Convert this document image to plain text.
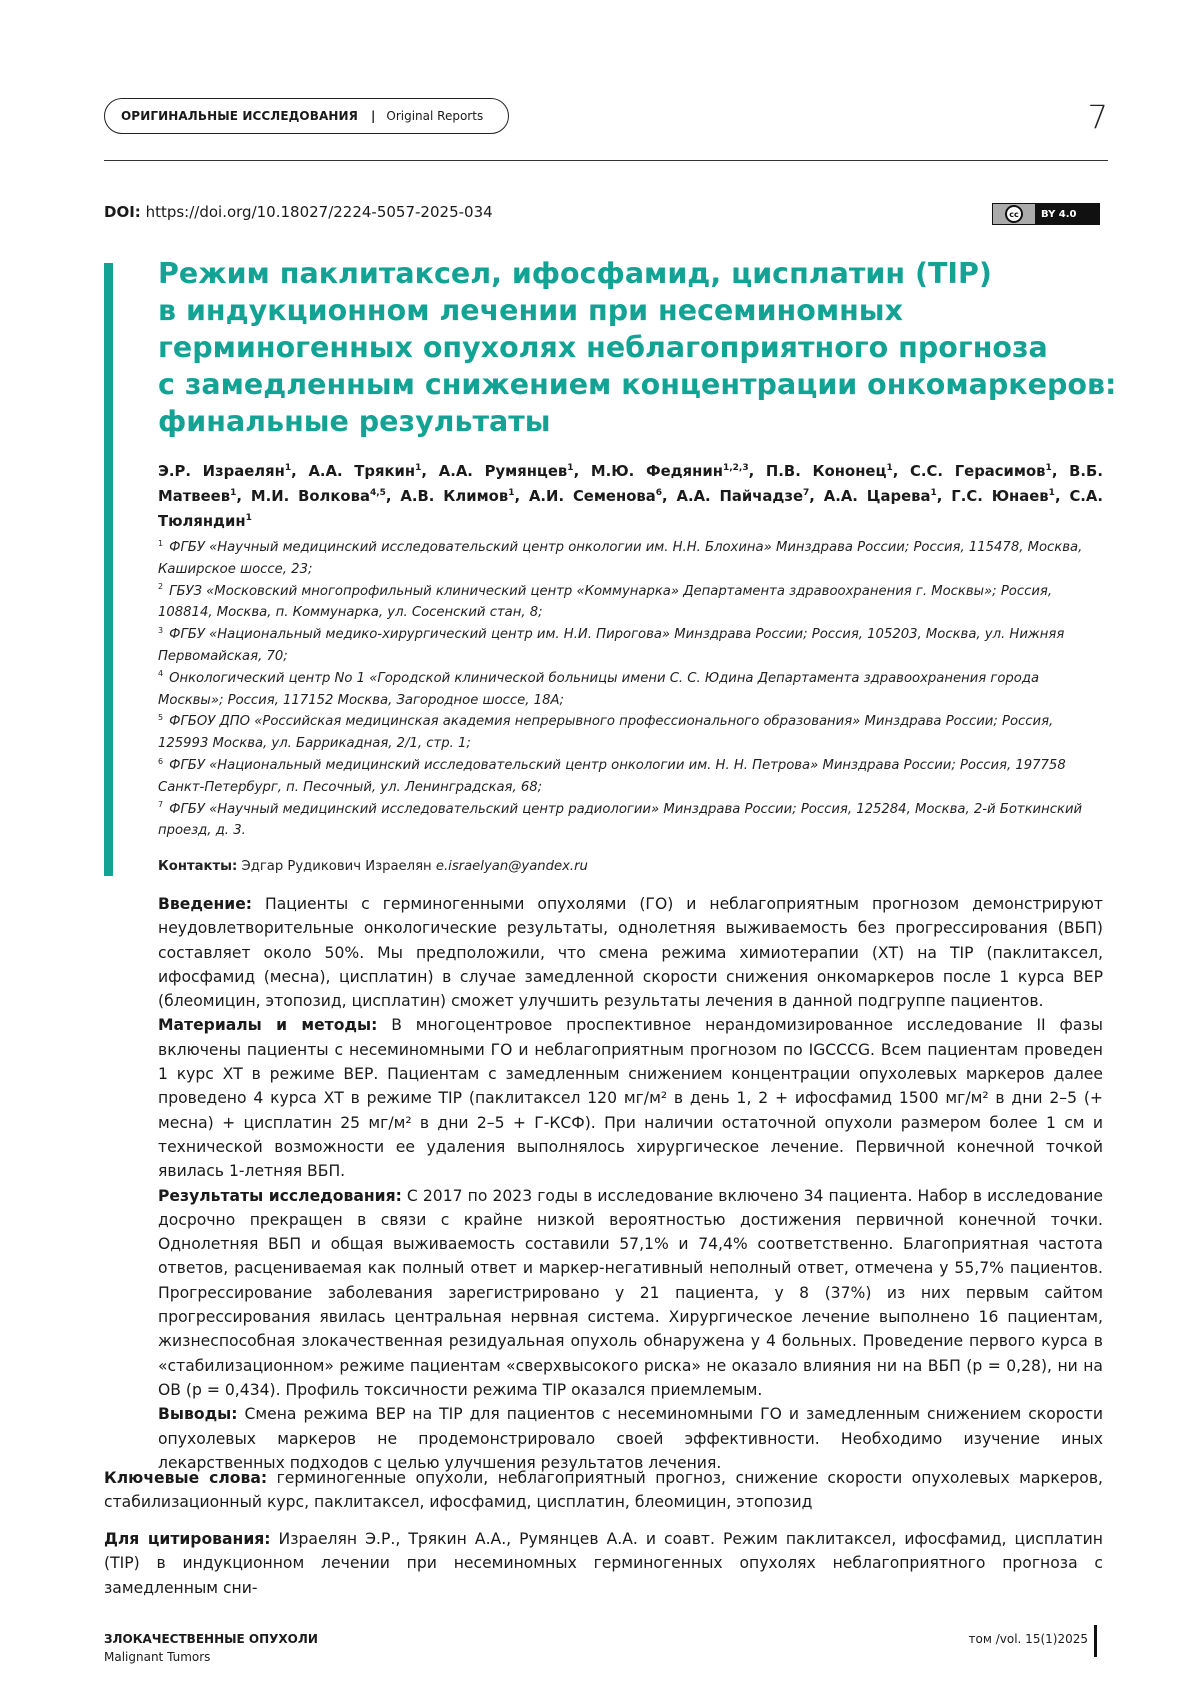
ОРИГИНАЛЬНЫЕ ИССЛЕДОВАНИЯ | Original Reports	7
DOI: https://doi.org/10.18027/2224-5057-2025-034	cc	BY 4.0
Режим паклитаксел, ифосфамид, цисплатин (TIP)
в индукционном лечении при несеминомных
герминогенных опухолях неблагоприятного прогноза
с замедленным снижением концентрации онкомаркеров:
финальные результаты
Э.Р. Израелян$^1$, А.А. Трякин$^1$, А.А. Румянцев$^1$, М.Ю. Федянин$^{1,2,3}$, П.В. Кононец$^1$, С.С. Герасимов$^1$, В.Б. Матвеев$^1$, М.И. Волкова$^{4,5}$, А.В. Климов$^1$, А.И. Семенова$^6$, А.А. Пайчадзе$^7$, А.А. Царева$^1$, Г.С. Юнаев$^1$, С.А. Тюляндин$^1$

$^1$ ФГБУ «Научный медицинский исследовательский центр онкологии им. Н.Н. Блохина» Минздрава России; Россия, 115478, Москва, Каширское шоссе, 23;

$^2$ ГБУЗ «Московский многопрофильный клинический центр «Коммунарка» Департамента здравоохранения г. Москвы»; Россия, 108814, Москва, п. Коммунарка, ул. Сосенский стан, 8;

$^3$ ФГБУ «Национальный медико-хирургический центр им. Н.И. Пирогова» Минздрава России; Россия, 105203, Москва, ул. Нижняя Первомайская, 70;

$^4$ Онкологический центр No 1 «Городской клинической больницы имени С. С. Юдина Департамента здравоохранения города Москвы»; Россия, 117152 Москва, Загородное шоссе, 18А;

$^5$ ФГБОУ ДПО «Российская медицинская академия непрерывного профессионального образования» Минздрава России; Россия, 125993 Москва, ул. Баррикадная, 2/1, стр. 1;

$^6$ ФГБУ «Национальный медицинский исследовательский центр онкологии им. Н. Н. Петрова» Минздрава России; Россия, 197758 Санкт-Петербург, п. Песочный, ул. Ленинградская, 68;

$^7$ ФГБУ «Научный медицинский исследовательский центр радиологии» Минздрава России; Россия, 125284, Москва, 2-й Боткинский проезд, д. 3.

Контакты: Эдгар Рудикович Израелян e.israelyan@yandex.ru

Введение: Пациенты с герминогенными опухолями (ГО) и неблагоприятным прогнозом демонстрируют неудовлетворительные онкологические результаты, однолетняя выживаемость без прогрессирования (ВБП) составляет около 50%. Мы предположили, что смена режима химиотерапии (ХТ) на TIP (паклитаксел, ифосфамид (месна), цисплатин) в случае замедленной скорости снижения онкомаркеров после 1 курса ВЕР (блеомицин, этопозид, цисплатин) сможет улучшить результаты лечения в данной подгруппе пациентов.

Материалы и методы: В многоцентровое проспективное нерандомизированное исследование II фазы включены пациенты с несеминомными ГО и неблагоприятным прогнозом по IGCCCG. Всем пациентам проведен 1 курс ХТ в режиме ВЕР. Пациентам с замедленным снижением концентрации опухолевых маркеров далее проведено 4 курса ХТ в режиме TIP (паклитаксел 120 мг/м² в день 1, 2 + ифосфамид 1500 мг/м² в дни 2–5 (+ месна) + цисплатин 25 мг/м² в дни 2–5 + Г-КСФ). При наличии остаточной опухоли размером более 1 см и технической возможности ее удаления выполнялось хирургическое лечение. Первичной конечной точкой явилась 1-летняя ВБП.

Результаты исследования: С 2017 по 2023 годы в исследование включено 34 пациента. Набор в исследование досрочно прекращен в связи с крайне низкой вероятностью достижения первичной конечной точки. Однолетняя ВБП и общая выживаемость составили 57,1% и 74,4% соответственно. Благоприятная частота ответов, расцениваемая как полный ответ и маркер-негативный неполный ответ, отмечена у 55,7% пациентов. Прогрессирование заболевания зарегистрировано у 21 пациента, у 8 (37%) из них первым сайтом прогрессирования явилась центральная нервная система. Хирургическое лечение выполнено 16 пациентам, жизнеспособная злокачественная резидуальная опухоль обнаружена у 4 больных. Проведение первого курса в «стабилизационном» режиме пациентам «сверхвысокого риска» не оказало влияния ни на ВБП (p = 0,28), ни на ОВ (p = 0,434). Профиль токсичности режима TIP оказался приемлемым.

Выводы: Смена режима ВЕР на TIP для пациентов с несеминомными ГО и замедленным снижением скорости опухолевых маркеров не продемонстрировало своей эффективности. Необходимо изучение иных лекарственных подходов с целью улучшения результатов лечения.

Ключевые слова: герминогенные опухоли, неблагоприятный прогноз, снижение скорости опухолевых маркеров, стабилизационный курс, паклитаксел, ифосфамид, цисплатин, блеомицин, этопозид
Для цитирования: Израелян Э.Р., Трякин А.А., Румянцев А.А. и соавт. Режим паклитаксел, ифосфамид, цисплатин (TIP) в индукционном лечении при несеминомных герминогенных опухолях неблагоприятного прогноза с замедленным сни-
ЗЛОКАЧЕСТВЕННЫЕ ОПУХОЛИ
Malignant Tumors
том /vol. 15(1)2025
